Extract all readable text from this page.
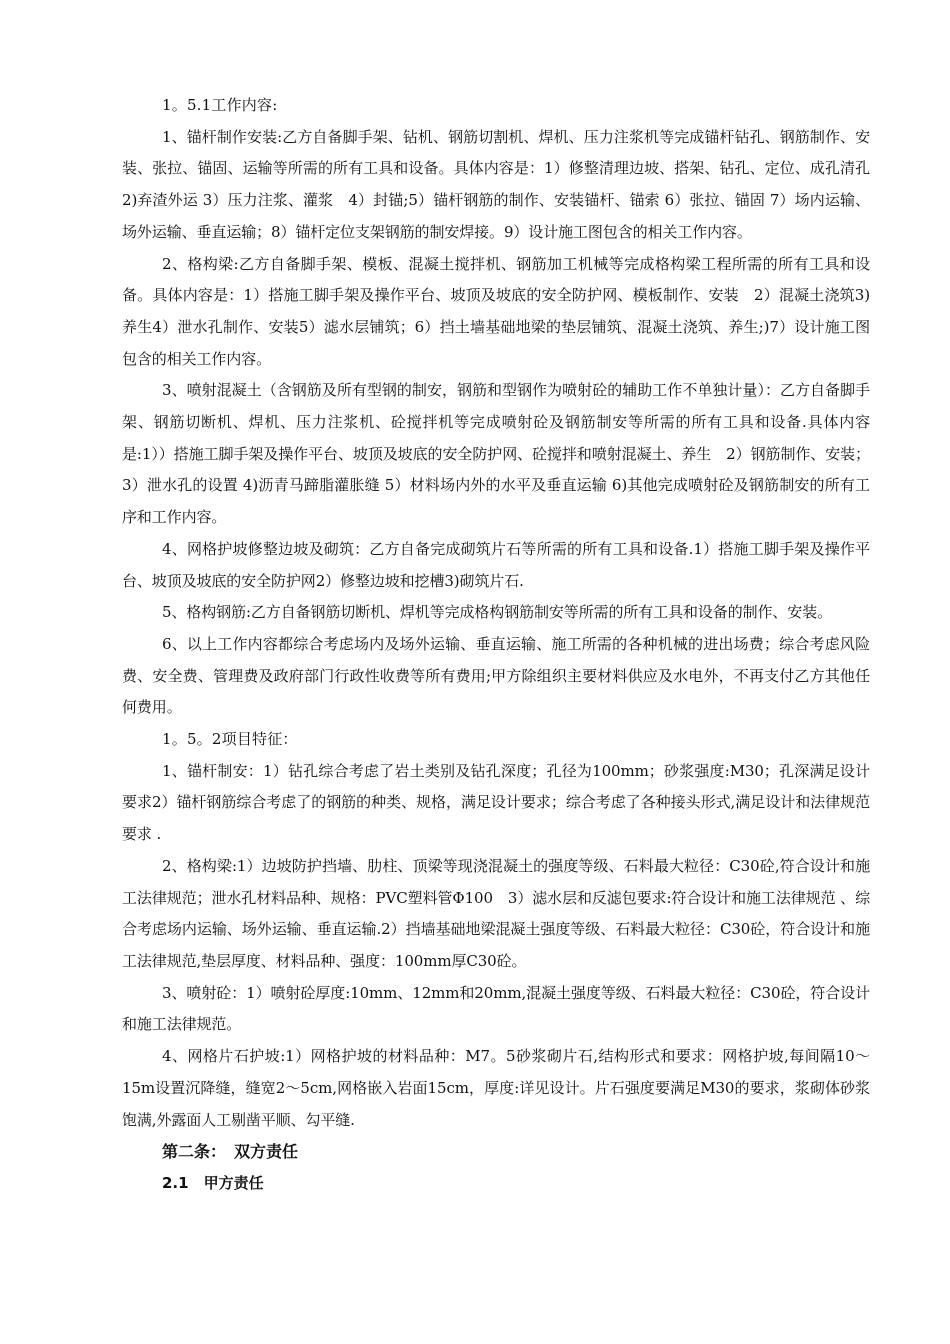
1。5.1工作内容:

1、锚杆制作安装:乙方自备脚手架、钻机、钢筋切割机、焊机、压力注浆机等完成锚杆钻孔、钢筋制作、安装、张拉、锚固、运输等所需的所有工具和设备。具体内容是：1）修整清理边坡、搭架、钻孔、定位、成孔清孔　2)弃渣外运 3）压力注浆、灌浆　4）封锚;5）锚杆钢筋的制作、安装锚杆、锚索 6）张拉、锚固 7）场内运输、场外运输、垂直运输；8）锚杆定位支架钢筋的制安焊接。9）设计施工图包含的相关工作内容。

2、格构梁:乙方自备脚手架、模板、混凝土搅拌机、钢筋加工机械等完成格构梁工程所需的所有工具和设备。具体内容是：1）搭施工脚手架及操作平台、坡顶及坡底的安全防护网、模板制作、安装　2）混凝土浇筑3)养生4）泄水孔制作、安装5）滤水层铺筑；6）挡土墙基础地梁的垫层铺筑、混凝土浇筑、养生;)7）设计施工图包含的相关工作内容。

3、喷射混凝土（含钢筋及所有型钢的制安，钢筋和型钢作为喷射砼的辅助工作不单独计量）：乙方自备脚手架、钢筋切断机、焊机、压力注浆机、砼搅拌机等完成喷射砼及钢筋制安等所需的所有工具和设备.具体内容是:1））搭施工脚手架及操作平台、坡顶及坡底的安全防护网、砼搅拌和喷射混凝土、养生　2）钢筋制作、安装；3）泄水孔的设置 4)沥青马蹄脂灌胀缝 5）材料场内外的水平及垂直运输 6)其他完成喷射砼及钢筋制安的所有工序和工作内容。

4、网格护坡修整边坡及砌筑：乙方自备完成砌筑片石等所需的所有工具和设备.1）搭施工脚手架及操作平台、坡顶及坡底的安全防护网2）修整边坡和挖槽3)砌筑片石.

5、格构钢筋:乙方自备钢筋切断机、焊机等完成格构钢筋制安等所需的所有工具和设备的制作、安装。

6、以上工作内容都综合考虑场内及场外运输、垂直运输、施工所需的各种机械的进出场费；综合考虑风险费、安全费、管理费及政府部门行政性收费等所有费用;甲方除组织主要材料供应及水电外，不再支付乙方其他任何费用。

1。5。2项目特征：

1、锚杆制安：1）钻孔综合考虑了岩土类别及钻孔深度；孔径为100mm；砂浆强度:M30；孔深满足设计要求2）锚杆钢筋综合考虑了的钢筋的种类、规格，满足设计要求；综合考虑了各种接头形式,满足设计和法律规范要求 .

2、格构梁:1）边坡防护挡墙、肋柱、顶梁等现浇混凝土的强度等级、石料最大粒径：C30砼,符合设计和施工法律规范；泄水孔材料品种、规格：PVC塑料管Φ100　3）滤水层和反滤包要求:符合设计和施工法律规范 、综合考虑场内运输、场外运输、垂直运输.2）挡墙基础地梁混凝土强度等级、石料最大粒径：C30砼，符合设计和施工法律规范,垫层厚度、材料品种、强度：100mm厚C30砼。

3、喷射砼：1）喷射砼厚度:10mm、12mm和20mm,混凝土强度等级、石料最大粒径：C30砼，符合设计和施工法律规范。

4、网格片石护坡:1）网格护坡的材料品种：M7。5砂浆砌片石,结构形式和要求：网格护坡,每间隔10～15m设置沉降缝，缝宽2～5cm,网格嵌入岩面15cm，厚度:详见设计。片石强度要满足M30的要求，浆砌体砂浆饱满,外露面人工剔凿平顺、勾平缝.

第二条：　双方责任

2.1　甲方责任
